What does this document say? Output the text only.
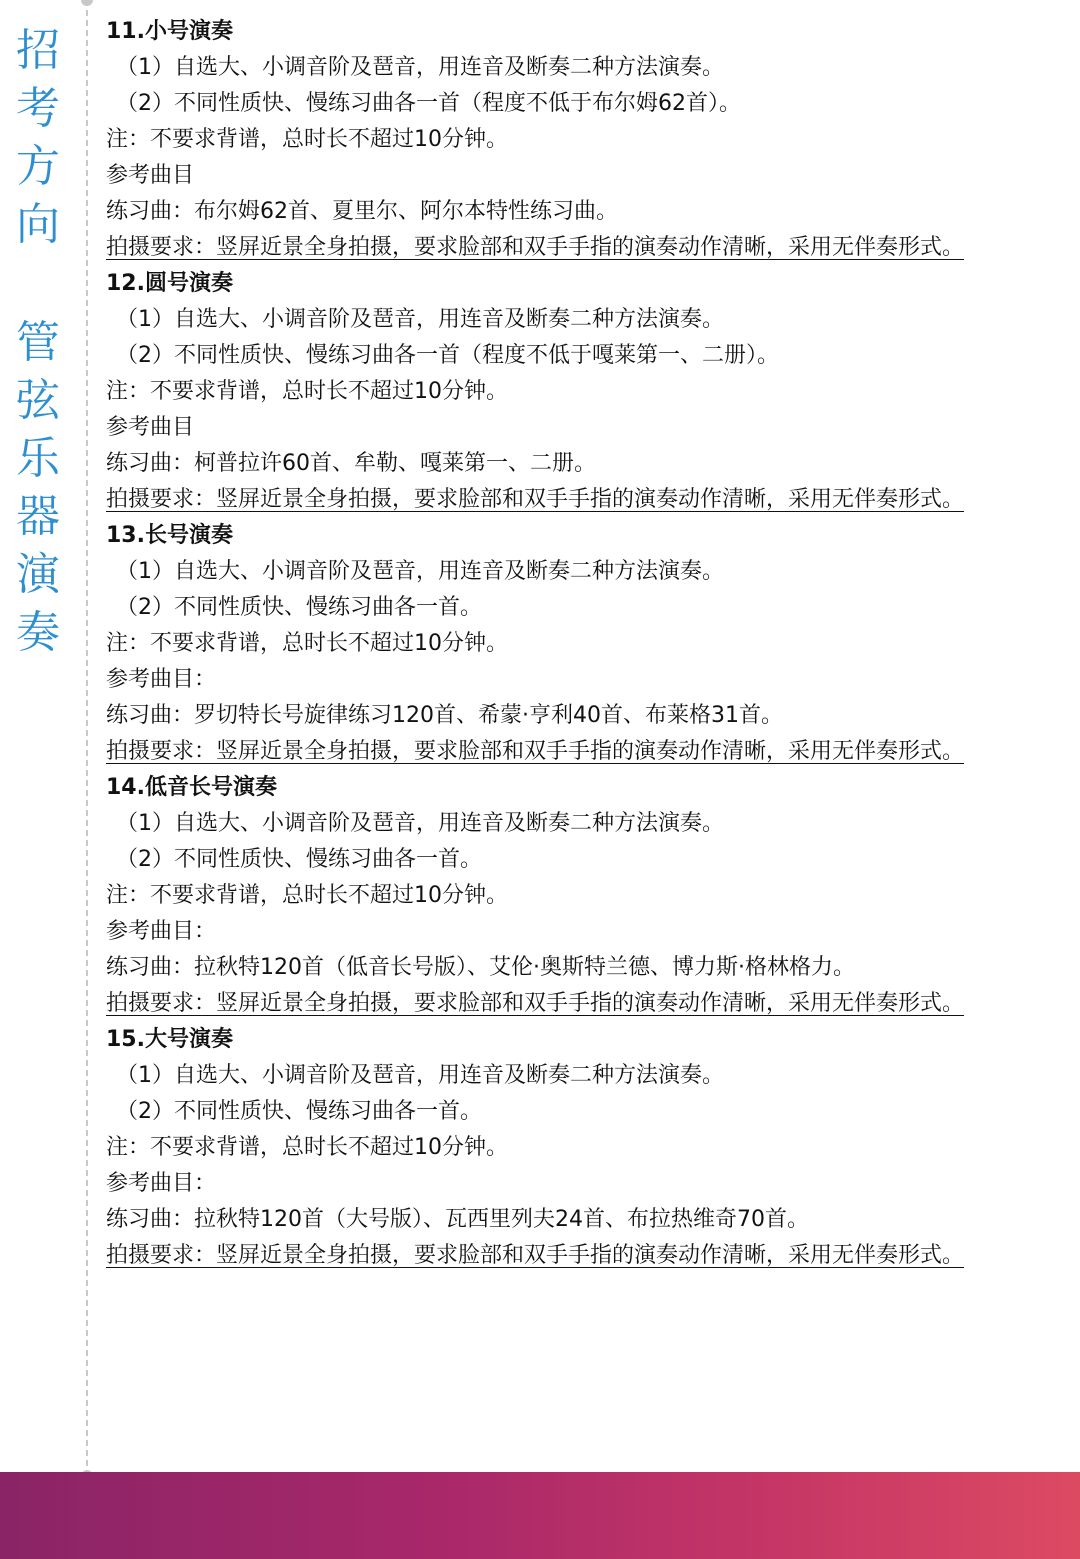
招
考
方
向
管
弦
乐
器
演
奏
11.小号演奏
（1）自选大、小调音阶及琶音，用连音及断奏二种方法演奏。
（2）不同性质快、慢练习曲各一首（程度不低于布尔姆62首）。
注：不要求背谱，总时长不超过10分钟。
参考曲目
练习曲：布尔姆62首、夏里尔、阿尔本特性练习曲。
拍摄要求：竖屏近景全身拍摄，要求脸部和双手手指的演奏动作清晰，采用无伴奏形式。
12.圆号演奏
（1）自选大、小调音阶及琶音，用连音及断奏二种方法演奏。
（2）不同性质快、慢练习曲各一首（程度不低于嘎莱第一、二册）。
注：不要求背谱，总时长不超过10分钟。
参考曲目
练习曲：柯普拉许60首、牟勒、嘎莱第一、二册。
拍摄要求：竖屏近景全身拍摄，要求脸部和双手手指的演奏动作清晰，采用无伴奏形式。
13.长号演奏
（1）自选大、小调音阶及琶音，用连音及断奏二种方法演奏。
（2）不同性质快、慢练习曲各一首。
注：不要求背谱，总时长不超过10分钟。
参考曲目：
练习曲：罗切特长号旋律练习120首、希蒙·亨利40首、布莱格31首。
拍摄要求：竖屏近景全身拍摄，要求脸部和双手手指的演奏动作清晰，采用无伴奏形式。
14.低音长号演奏
（1）自选大、小调音阶及琶音，用连音及断奏二种方法演奏。
（2）不同性质快、慢练习曲各一首。
注：不要求背谱，总时长不超过10分钟。
参考曲目：
练习曲：拉秋特120首（低音长号版）、艾伦·奥斯特兰德、博力斯·格林格力。
拍摄要求：竖屏近景全身拍摄，要求脸部和双手手指的演奏动作清晰，采用无伴奏形式。
15.大号演奏
（1）自选大、小调音阶及琶音，用连音及断奏二种方法演奏。
（2）不同性质快、慢练习曲各一首。
注：不要求背谱，总时长不超过10分钟。
参考曲目：
练习曲：拉秋特120首（大号版）、瓦西里列夫24首、布拉热维奇70首。
拍摄要求：竖屏近景全身拍摄，要求脸部和双手手指的演奏动作清晰，采用无伴奏形式。
